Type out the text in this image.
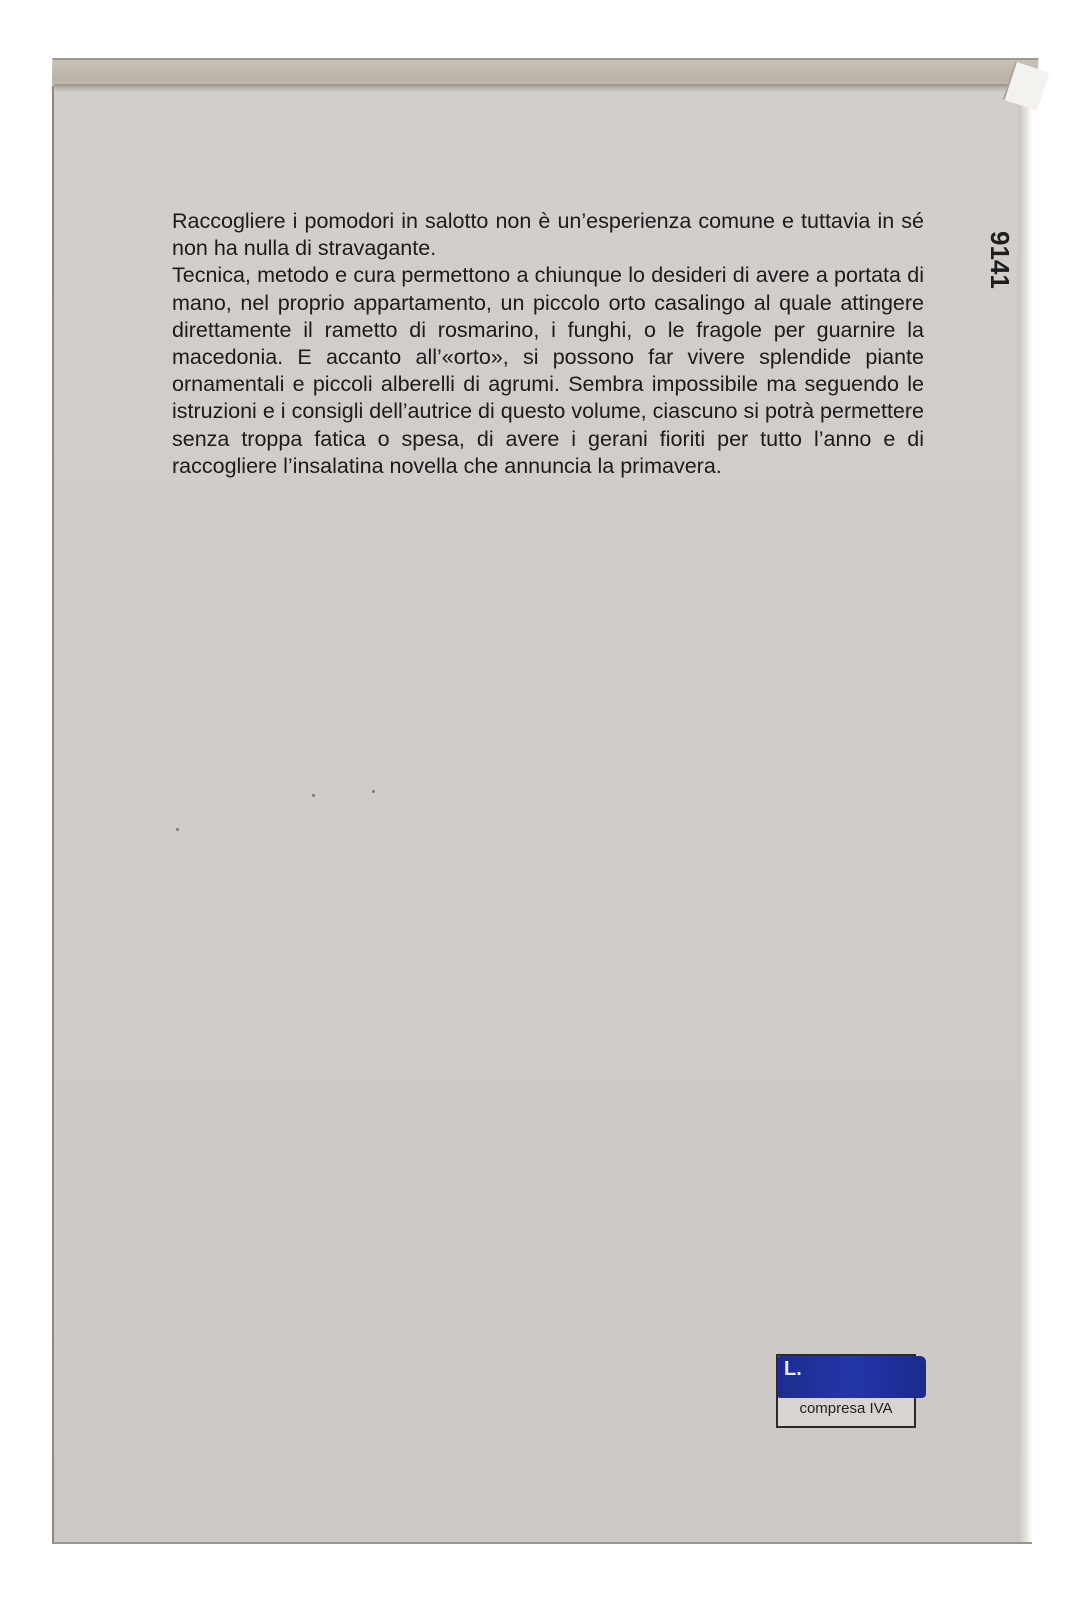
9141

Raccogliere i pomodori in salotto non è un’esperienza comune e tuttavia in sé non ha nulla di stravagante.

Tecnica, metodo e cura permettono a chiunque lo desideri di avere a portata di mano, nel proprio appartamento, un piccolo orto casalingo al quale attingere direttamente il rametto di rosmarino, i funghi, o le fragole per guarnire la macedonia. E accanto all’«orto», si possono far vivere splendide piante ornamentali e piccoli alberelli di agrumi. Sembra impossibile ma seguendo le istruzioni e i consigli dell’autrice di questo volume, ciascuno si potrà permettere senza troppa fatica o spesa, di avere i gerani fioriti per tutto l’anno e di raccogliere l’insalatina novella che annuncia la primavera.

L.
compresa IVA
